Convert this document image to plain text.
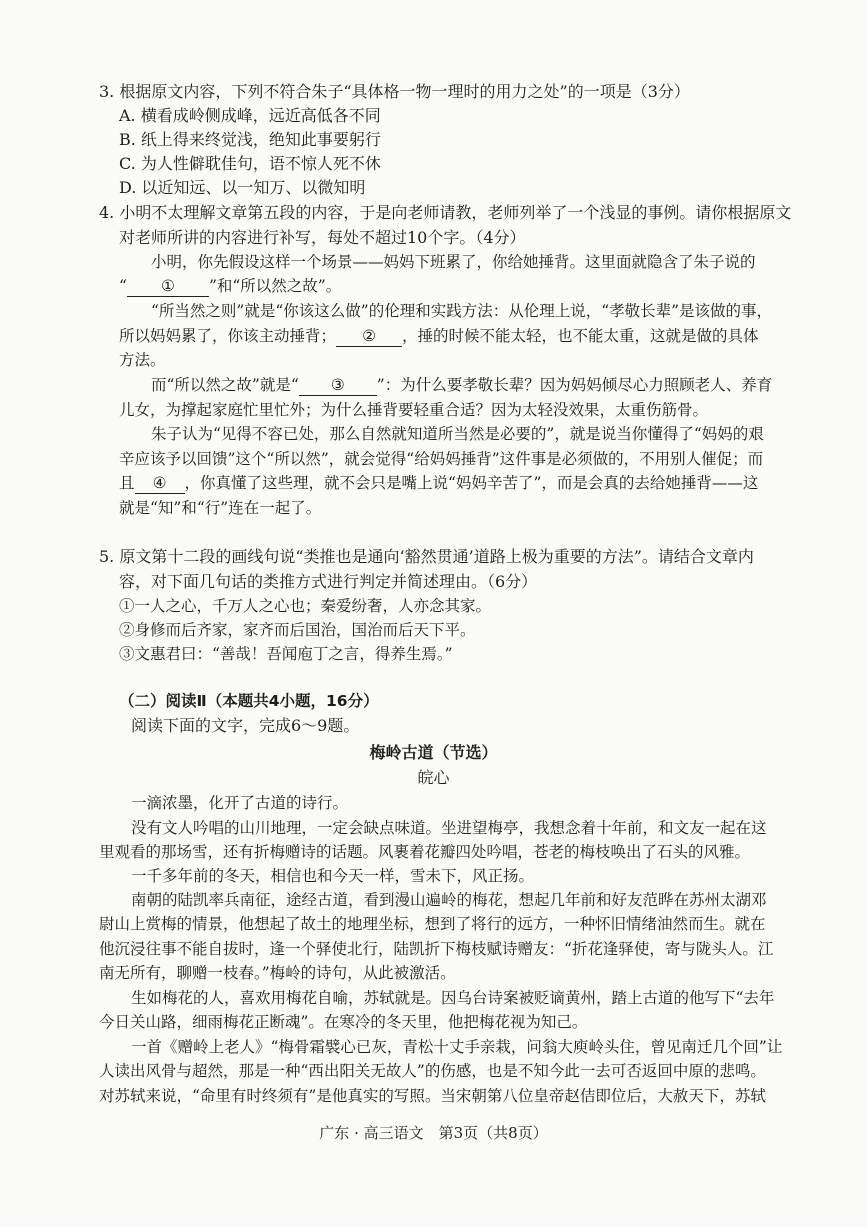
3. 根据原文内容，下列不符合朱子“具体格一物一理时的用力之处”的一项是（3分）
A. 横看成岭侧成峰，远近高低各不同
B. 纸上得来终觉浅，绝知此事要躬行
C. 为人性僻耽佳句，语不惊人死不休
D. 以近知远、以一知万、以微知明
4. 小明不太理解文章第五段的内容，于是向老师请教，老师列举了一个浅显的事例。请你根据原文
对老师所讲的内容进行补写，每处不超过10个字。（4分）
小明，你先假设这样一个场景——妈妈下班累了，你给她捶背。这里面就隐含了朱子说的
“ ① ”和“所以然之故”。
“所当然之则”就是“你该这么做”的伦理和实践方法：从伦理上说，“孝敬长辈”是该做的事，
所以妈妈累了，你该主动捶背； ② ，捶的时候不能太轻，也不能太重，这就是做的具体
方法。
而“所以然之故”就是“ ③ ”：为什么要孝敬长辈？因为妈妈倾尽心力照顾老人、养育
儿女，为撑起家庭忙里忙外；为什么捶背要轻重合适？因为太轻没效果，太重伤筋骨。
朱子认为“见得不容已处，那么自然就知道所当然是必要的”，就是说当你懂得了“妈妈的艰
辛应该予以回馈”这个“所以然”，就会觉得“给妈妈捶背”这件事是必须做的，不用别人催促；而
且 ④ ，你真懂了这些理，就不会只是嘴上说“妈妈辛苦了”，而是会真的去给她捶背——这
就是“知”和“行”连在一起了。
5. 原文第十二段的画线句说“类推也是通向‘豁然贯通’道路上极为重要的方法”。请结合文章内
容，对下面几句话的类推方式进行判定并简述理由。（6分）
①一人之心，千万人之心也；秦爱纷奢，人亦念其家。
②身修而后齐家，家齐而后国治，国治而后天下平。
③文惠君曰：“善哉！吾闻庖丁之言，得养生焉。”
（二）阅读Ⅱ（本题共4小题，16分）
阅读下面的文字，完成6～9题。
梅岭古道（节选）
皖心
一滴浓墨，化开了古道的诗行。
没有文人吟唱的山川地理，一定会缺点味道。坐进望梅亭，我想念着十年前，和文友一起在这
里观看的那场雪，还有折梅赠诗的话题。风裹着花瓣四处吟唱，苍老的梅枝唤出了石头的风雅。
一千多年前的冬天，相信也和今天一样，雪未下，风正扬。
南朝的陆凯率兵南征，途经古道，看到漫山遍岭的梅花，想起几年前和好友范晔在苏州太湖邓
尉山上赏梅的情景，他想起了故土的地理坐标，想到了将行的远方，一种怀旧情绪油然而生。就在
他沉浸往事不能自拔时，逢一个驿使北行，陆凯折下梅枝赋诗赠友：“折花逢驿使，寄与陇头人。江
南无所有，聊赠一枝春。”梅岭的诗句，从此被激活。
生如梅花的人，喜欢用梅花自喻，苏轼就是。因乌台诗案被贬谪黄州，踏上古道的他写下“去年
今日关山路，细雨梅花正断魂”。在寒冷的冬天里，他把梅花视为知己。
一首《赠岭上老人》“梅骨霜襞心已灰，青松十丈手亲栽，问翁大庾岭头住，曾见南迁几个回”让
人读出风骨与超然，那是一种“西出阳关无故人”的伤感，也是不知今此一去可否返回中原的悲鸣。
对苏轼来说，“命里有时终须有”是他真实的写照。当宋朝第八位皇帝赵佶即位后，大赦天下，苏轼
广东 · 高三语文　第3页（共8页）
